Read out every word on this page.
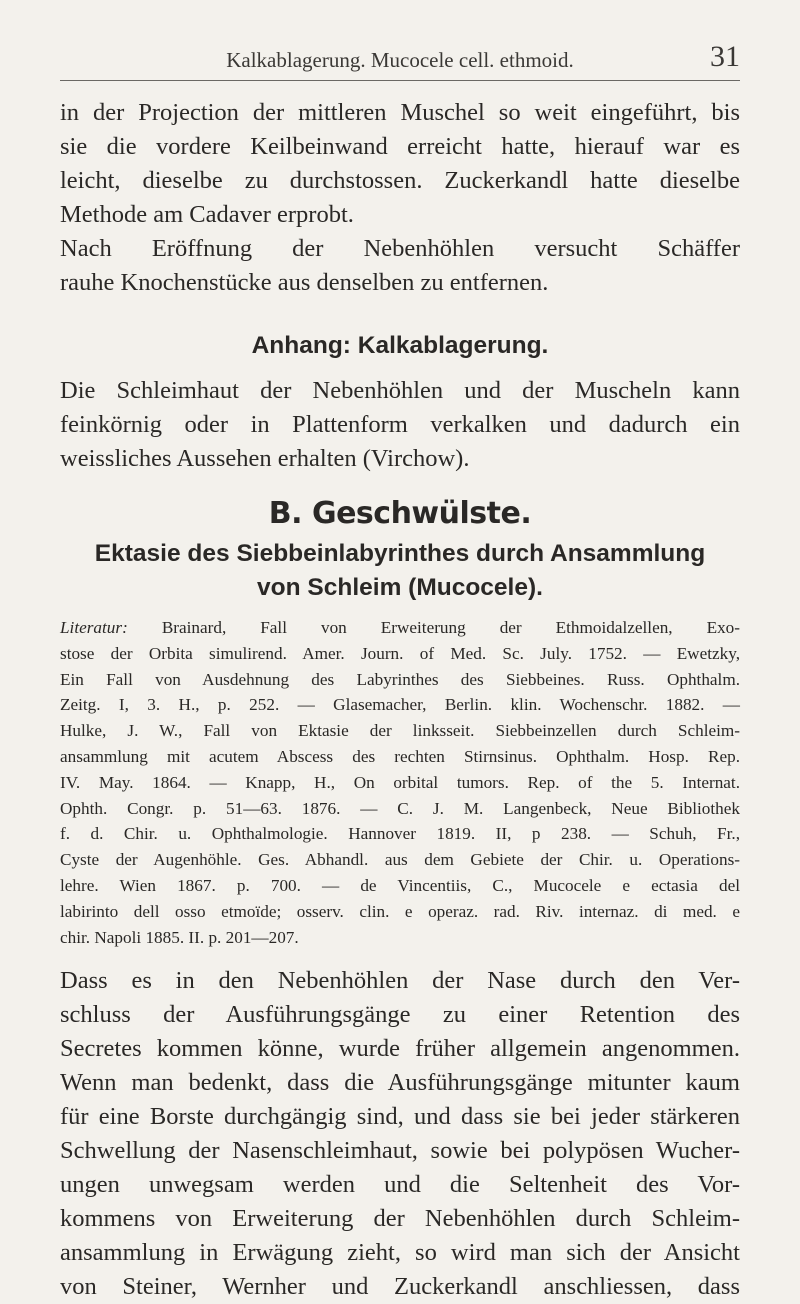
Kalkablagerung. Mucocele cell. ethmoid.	31

in der Projection der mittleren Muschel so weit eingeführt, bis
sie die vordere Keilbeinwand erreicht hatte, hierauf war es
leicht, dieselbe zu durchstossen. Zuckerkandl hatte dieselbe
Methode am Cadaver erprobt.

Nach Eröffnung der Nebenhöhlen versucht Schäffer
rauhe Knochenstücke aus denselben zu entfernen.

Anhang: Kalkablagerung.

Die Schleimhaut der Nebenhöhlen und der Muscheln kann
feinkörnig oder in Plattenform verkalken und dadurch ein
weissliches Aussehen erhalten (Virchow).

B. Geschwülste.

Ektasie des Siebbeinlabyrinthes durch Ansammlung
von Schleim (Mucocele).

Literatur: Brainard, Fall von Erweiterung der Ethmoidalzellen, Exo-
stose der Orbita simulirend. Amer. Journ. of Med. Sc. July. 1752. — Ewetzky,
Ein Fall von Ausdehnung des Labyrinthes des Siebbeines. Russ. Ophthalm.
Zeitg. I, 3. H., p. 252. — Glasemacher, Berlin. klin. Wochenschr. 1882. —
Hulke, J. W., Fall von Ektasie der linksseit. Siebbeinzellen durch Schleim-
ansammlung mit acutem Abscess des rechten Stirnsinus. Ophthalm. Hosp. Rep.
IV. May. 1864. — Knapp, H., On orbital tumors. Rep. of the 5. Internat.
Ophth. Congr. p. 51—63. 1876. — C. J. M. Langenbeck, Neue Bibliothek
f. d. Chir. u. Ophthalmologie. Hannover 1819. II, p 238. — Schuh, Fr.,
Cyste der Augenhöhle. Ges. Abhandl. aus dem Gebiete der Chir. u. Operations-
lehre. Wien 1867. p. 700. — de Vincentiis, C., Mucocele e ectasia del
labirinto dell osso etmoïde; osserv. clin. e operaz. rad. Riv. internaz. di med. e
chir. Napoli 1885. II. p. 201—207.

Dass es in den Nebenhöhlen der Nase durch den Ver-
schluss der Ausführungsgänge zu einer Retention des
Secretes kommen könne, wurde früher allgemein angenommen.
Wenn man bedenkt, dass die Ausführungsgänge mitunter kaum
für eine Borste durchgängig sind, und dass sie bei jeder stärkeren
Schwellung der Nasenschleimhaut, sowie bei polypösen Wucher-
ungen unwegsam werden und die Seltenheit des Vor-
kommens von Erweiterung der Nebenhöhlen durch Schleim-
ansammlung in Erwägung zieht, so wird man sich der Ansicht
von Steiner, Wernher und Zuckerkandl anschliessen, dass
